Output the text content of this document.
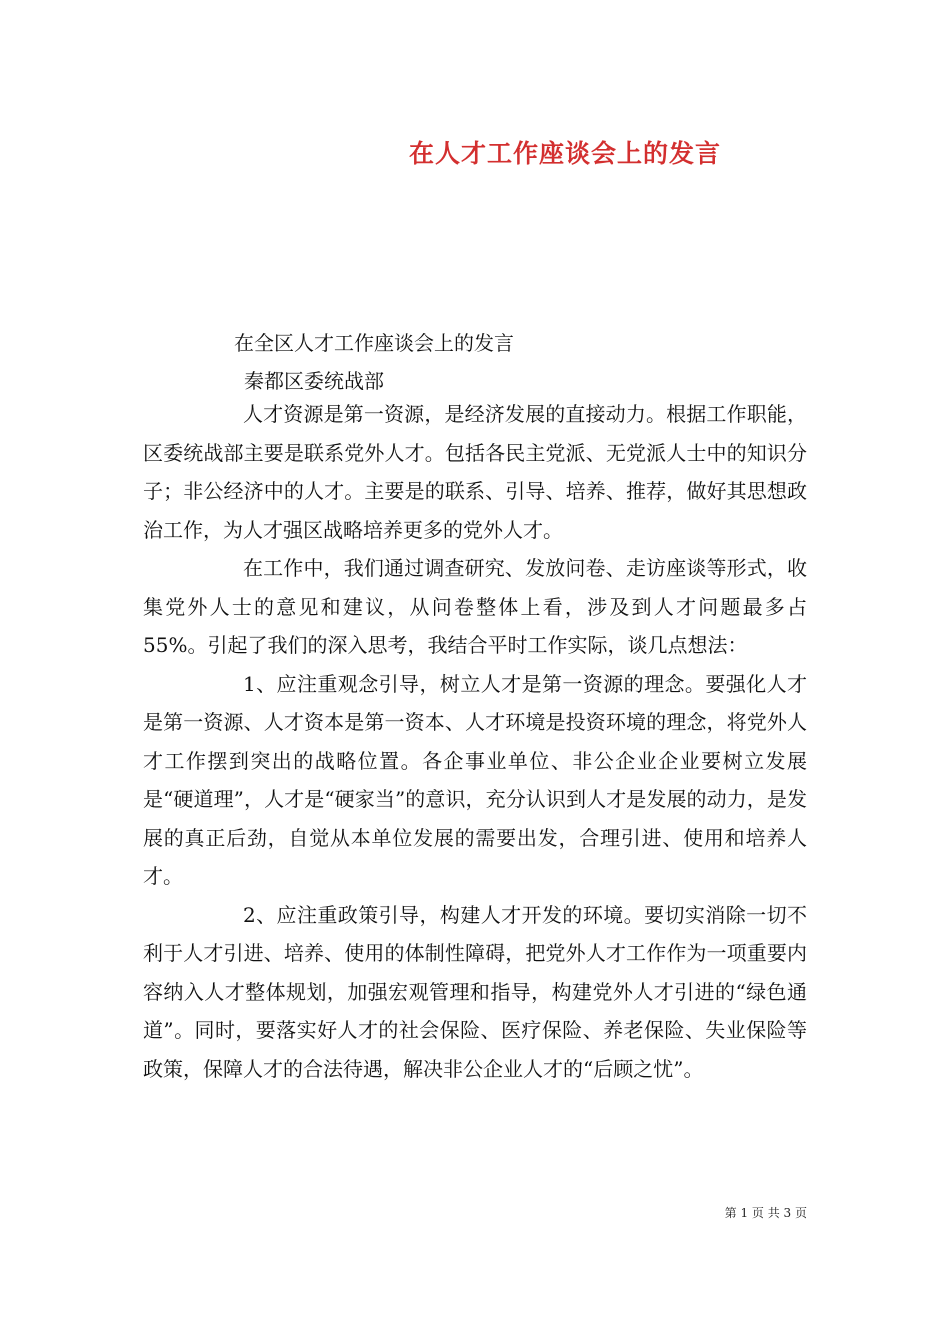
在人才工作座谈会上的发言
在全区人才工作座谈会上的发言
秦都区委统战部

人才资源是第一资源，是经济发展的直接动力。根据工作职能，区委统战部主要是联系党外人才。包括各民主党派、无党派人士中的知识分子；非公经济中的人才。主要是的联系、引导、培养、推荐，做好其思想政治工作，为人才强区战略培养更多的党外人才。

在工作中，我们通过调查研究、发放问卷、走访座谈等形式，收集党外人士的意见和建议，从问卷整体上看，涉及到人才问题最多占55%。引起了我们的深入思考，我结合平时工作实际，谈几点想法：

1、应注重观念引导，树立人才是第一资源的理念。要强化人才是第一资源、人才资本是第一资本、人才环境是投资环境的理念，将党外人才工作摆到突出的战略位置。各企事业单位、非公企业企业要树立发展是“硬道理”，人才是“硬家当”的意识，充分认识到人才是发展的动力，是发展的真正后劲，自觉从本单位发展的需要出发，合理引进、使用和培养人才。

2、应注重政策引导，构建人才开发的环境。要切实消除一切不利于人才引进、培养、使用的体制性障碍，把党外人才工作作为一项重要内容纳入人才整体规划，加强宏观管理和指导，构建党外人才引进的“绿色通道”。同时，要落实好人才的社会保险、医疗保险、养老保险、失业保险等政策，保障人才的合法待遇，解决非公企业人才的“后顾之忧”。

第 1 页 共 3 页
